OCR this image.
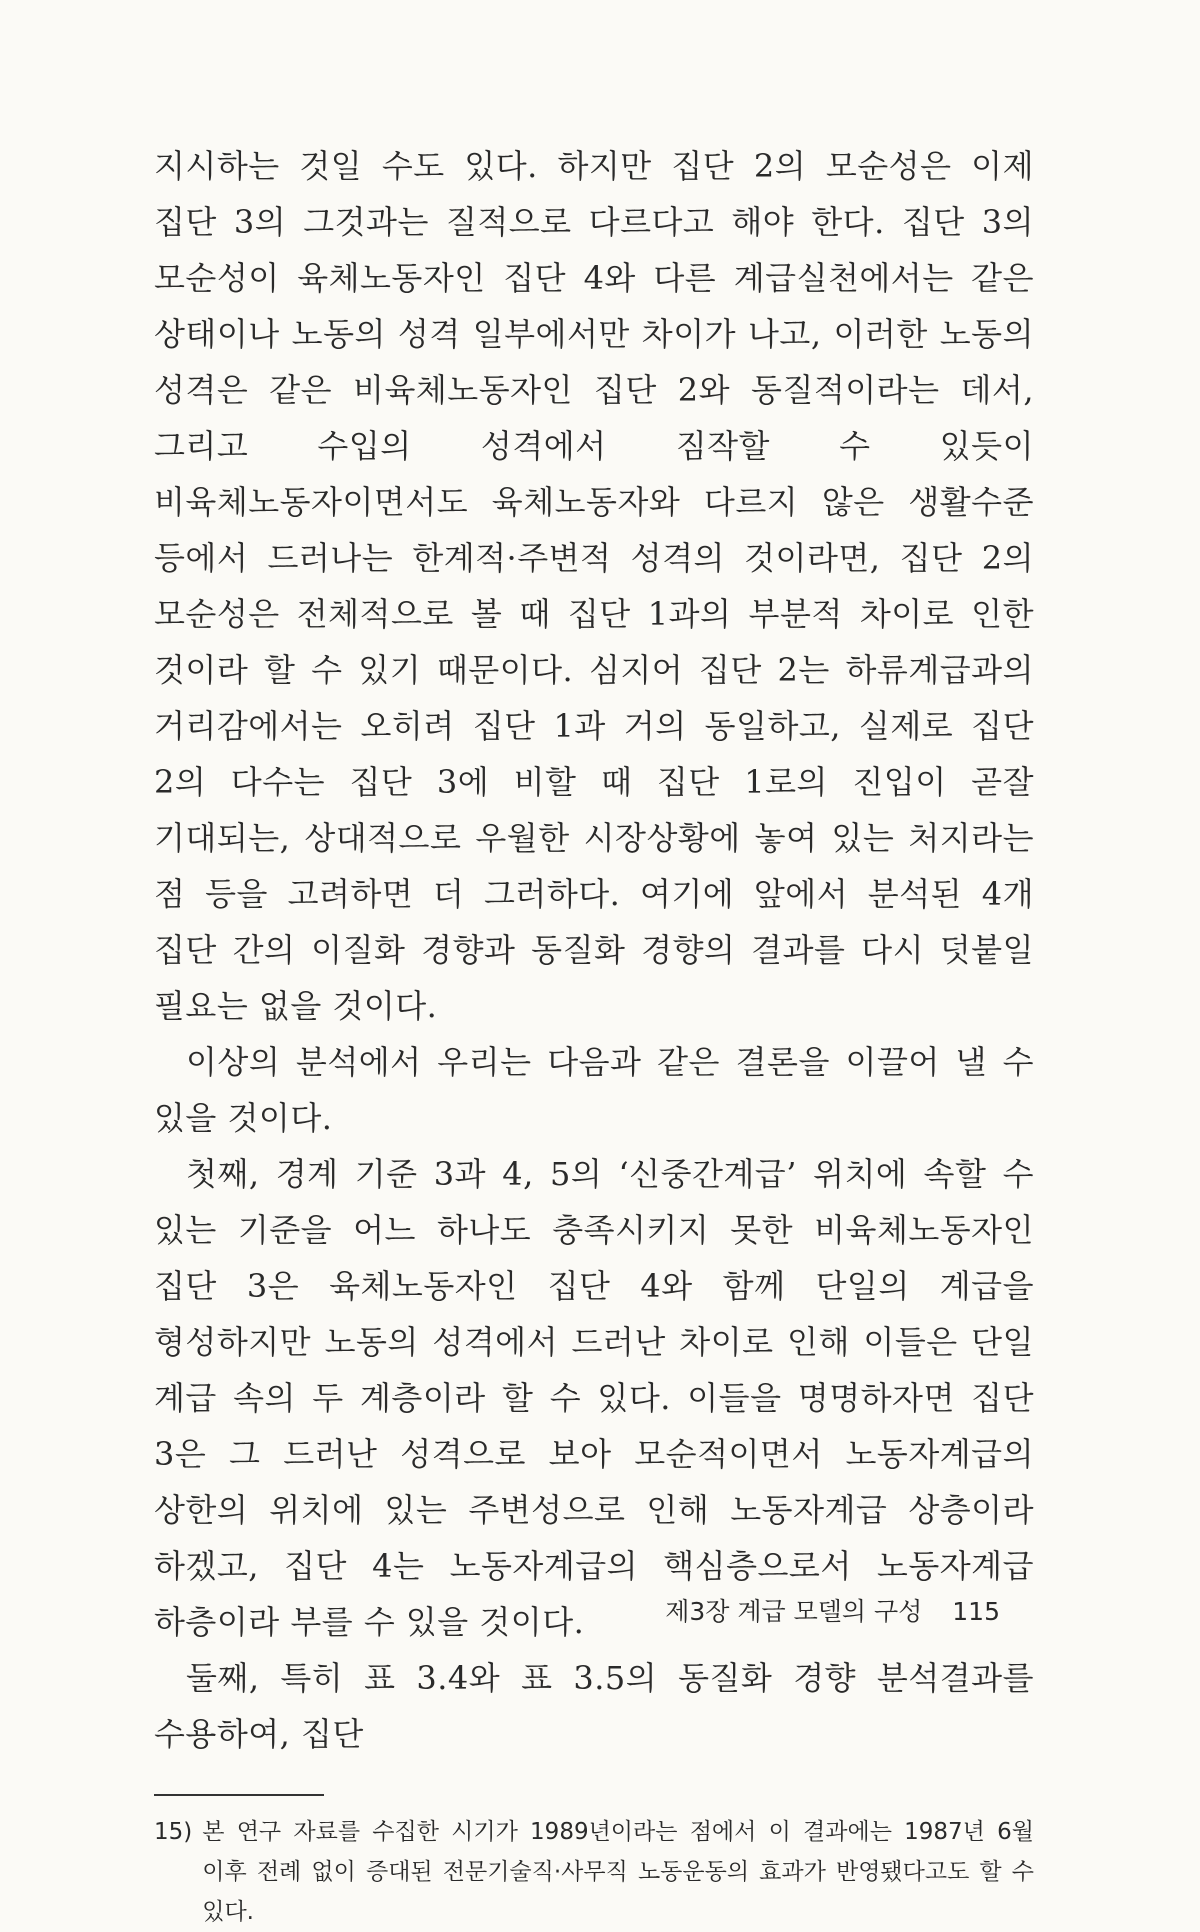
지시하는 것일 수도 있다. 하지만 집단 2의 모순성은 이제 집단 3의 그것과는 질적으로 다르다고 해야 한다. 집단 3의 모순성이 육체노동자인 집단 4와 다른 계급실천에서는 같은 상태이나 노동의 성격 일부에서만 차이가 나고, 이러한 노동의 성격은 같은 비육체노동자인 집단 2와 동질적이라는 데서, 그리고 수입의 성격에서 짐작할 수 있듯이 비육체노동자이면서도 육체노동자와 다르지 않은 생활수준 등에서 드러나는 한계적·주변적 성격의 것이라면, 집단 2의 모순성은 전체적으로 볼 때 집단 1과의 부분적 차이로 인한 것이라 할 수 있기 때문이다. 심지어 집단 2는 하류계급과의 거리감에서는 오히려 집단 1과 거의 동일하고, 실제로 집단 2의 다수는 집단 3에 비할 때 집단 1로의 진입이 곧잘 기대되는, 상대적으로 우월한 시장상황에 놓여 있는 처지라는 점 등을 고려하면 더 그러하다. 여기에 앞에서 분석된 4개 집단 간의 이질화 경향과 동질화 경향의 결과를 다시 덧붙일 필요는 없을 것이다.

이상의 분석에서 우리는 다음과 같은 결론을 이끌어 낼 수 있을 것이다.

첫째, 경계 기준 3과 4, 5의 ‘신중간계급’ 위치에 속할 수 있는 기준을 어느 하나도 충족시키지 못한 비육체노동자인 집단 3은 육체노동자인 집단 4와 함께 단일의 계급을 형성하지만 노동의 성격에서 드러난 차이로 인해 이들은 단일 계급 속의 두 계층이라 할 수 있다. 이들을 명명하자면 집단 3은 그 드러난 성격으로 보아 모순적이면서 노동자계급의 상한의 위치에 있는 주변성으로 인해 노동자계급 상층이라 하겠고, 집단 4는 노동자계급의 핵심층으로서 노동자계급 하층이라 부를 수 있을 것이다.

둘째, 특히 표 3.4와 표 3.5의 동질화 경향 분석결과를 수용하여, 집단

15) 본 연구 자료를 수집한 시기가 1989년이라는 점에서 이 결과에는 1987년 6월 이후 전례 없이 증대된 전문기술직·사무직 노동운동의 효과가 반영됐다고도 할 수 있다.
제3장 계급 모델의 구성 115
